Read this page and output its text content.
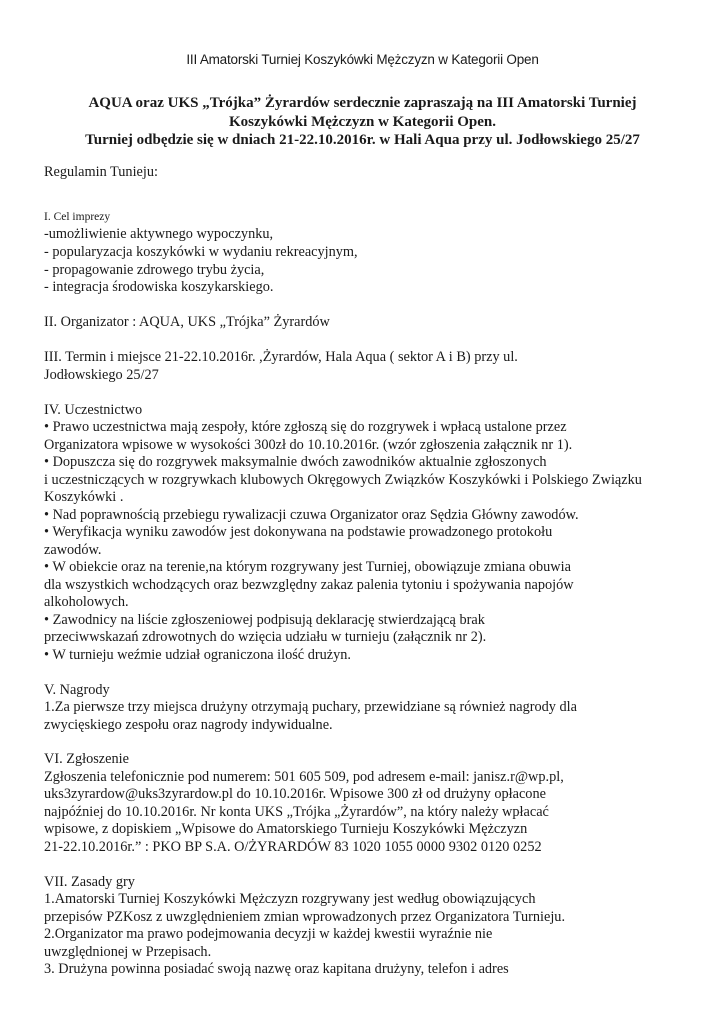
III Amatorski Turniej Koszykówki Mężczyzn w Kategorii Open
AQUA oraz UKS „Trójka” Żyrardów serdecznie zapraszają na III Amatorski Turniej
Koszykówki Mężczyzn w Kategorii Open.
Turniej odbędzie się w dniach 21-22.10.2016r. w Hali Aqua przy ul. Jodłowskiego 25/27
Regulamin Tunieju:
I. Cel imprezy
-umożliwienie aktywnego wypoczynku,
- popularyzacja koszykówki w wydaniu rekreacyjnym,
- propagowanie zdrowego trybu życia,
- integracja środowiska koszykarskiego.
II. Organizator : AQUA, UKS „Trójka” Żyrardów
III. Termin i miejsce 21-22.10.2016r. ,Żyrardów, Hala Aqua ( sektor A i B) przy ul.
Jodłowskiego 25/27
IV. Uczestnictwo
• Prawo uczestnictwa mają zespoły, które zgłoszą się do rozgrywek i wpłacą ustalone przez
Organizatora wpisowe w wysokości 300zł do 10.10.2016r. (wzór zgłoszenia załącznik nr 1).
• Dopuszcza się do rozgrywek maksymalnie dwóch zawodników aktualnie zgłoszonych
i uczestniczących w rozgrywkach klubowych Okręgowych Związków Koszykówki i Polskiego Związku
Koszykówki .
• Nad poprawnością przebiegu rywalizacji czuwa Organizator oraz Sędzia Główny zawodów.
• Weryfikacja wyniku zawodów jest dokonywana na podstawie prowadzonego protokołu
zawodów.
• W obiekcie oraz na terenie,na którym rozgrywany jest Turniej, obowiązuje zmiana obuwia
dla wszystkich wchodzących oraz bezwzględny zakaz palenia tytoniu i spożywania napojów
alkoholowych.
• Zawodnicy na liście zgłoszeniowej podpisują deklarację stwierdzającą brak
przeciwwskazań zdrowotnych do wzięcia udziału w turnieju (załącznik nr 2).
• W turnieju weźmie udział ograniczona ilość drużyn.
V. Nagrody
1.Za pierwsze trzy miejsca drużyny otrzymają puchary, przewidziane są również nagrody dla
zwycięskiego zespołu oraz nagrody indywidualne.
VI. Zgłoszenie
Zgłoszenia telefonicznie pod numerem: 501 605 509, pod adresem e-mail: janisz.r@wp.pl,
uks3zyrardow@uks3zyrardow.pl do 10.10.2016r. Wpisowe 300 zł od drużyny opłacone
najpóźniej do 10.10.2016r. Nr konta UKS „Trójka „Żyrardów”, na który należy wpłacać
wpisowe, z dopiskiem „Wpisowe do Amatorskiego Turnieju Koszykówki Mężczyzn
21-22.10.2016r.” : PKO BP S.A. O/ŻYRARDÓW 83 1020 1055 0000 9302 0120 0252
VII. Zasady gry
1.Amatorski Turniej Koszykówki Mężczyzn rozgrywany jest według obowiązujących
przepisów PZKosz z uwzględnieniem zmian wprowadzonych przez Organizatora Turnieju.
2.Organizator ma prawo podejmowania decyzji w każdej kwestii wyraźnie nie
uwzględnionej w Przepisach.
3. Drużyna powinna posiadać swoją nazwę oraz kapitana drużyny, telefon i adres
